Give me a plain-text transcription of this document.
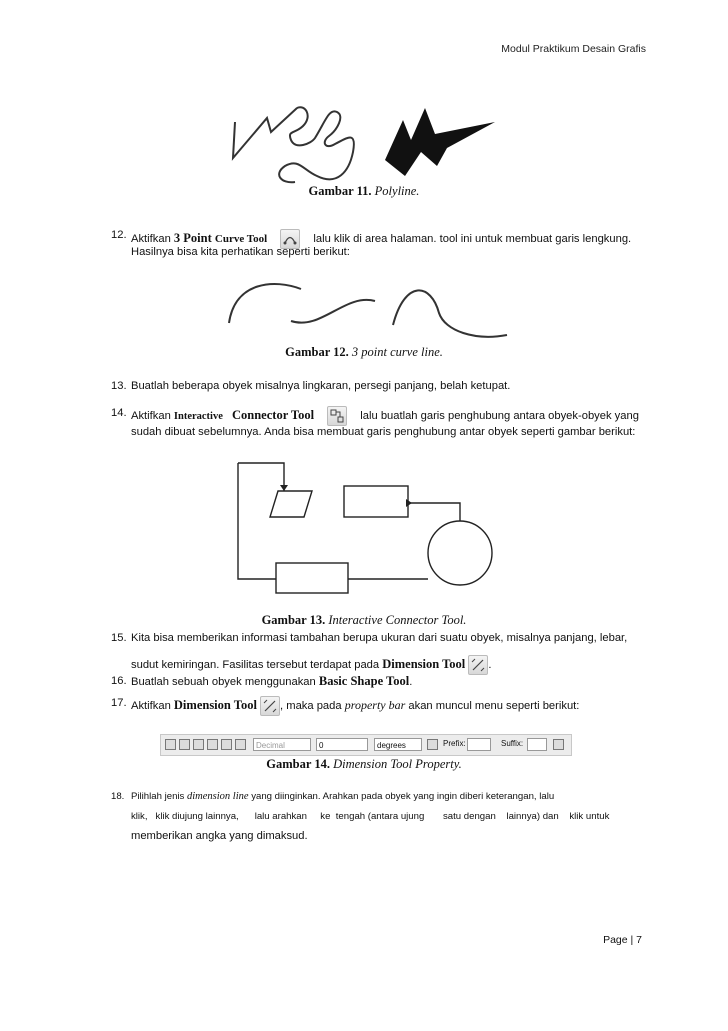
Modul Praktikum Desain Grafis
Gambar 11. Polyline.
12. Aktifkan 3 Point Curve Tool	lalu klik di area halaman. tool ini untuk membuat garis lengkung.
Hasilnya bisa kita perhatikan seperti berikut:
Gambar 12. 3 point curve line.
13. Buatlah beberapa obyek misalnya lingkaran, persegi panjang, belah ketupat.
14. Aktifkan Interactive Connector Tool	lalu buatlah garis penghubung antara obyek-obyek yang
sudah dibuat sebelumnya. Anda bisa membuat garis penghubung antar obyek seperti gambar berikut:
Gambar 13. Interactive Connector Tool.
15. Kita bisa memberikan informasi tambahan berupa ukuran dari suatu obyek, misalnya panjang, lebar,
sudut kemiringan. Fasilitas tersebut terdapat pada Dimension Tool .
16. Buatlah sebuah obyek menggunakan Basic Shape Tool.
17. Aktifkan Dimension Tool , maka pada property bar akan muncul menu seperti berikut:
Decimal	0	degrees	Prefix:	Suffix:
Gambar 14. Dimension Tool Property.
18. Pilihlah jenis dimension line yang diinginkan. Arahkan pada obyek yang ingin diberi keterangan, lalu
klik,   klik diujung lainnya,      lalu arahkan     ke  tengah (antara ujung       satu dengan    lainnya) dan    klik untuk
memberikan angka yang dimaksud.
Page | 7
